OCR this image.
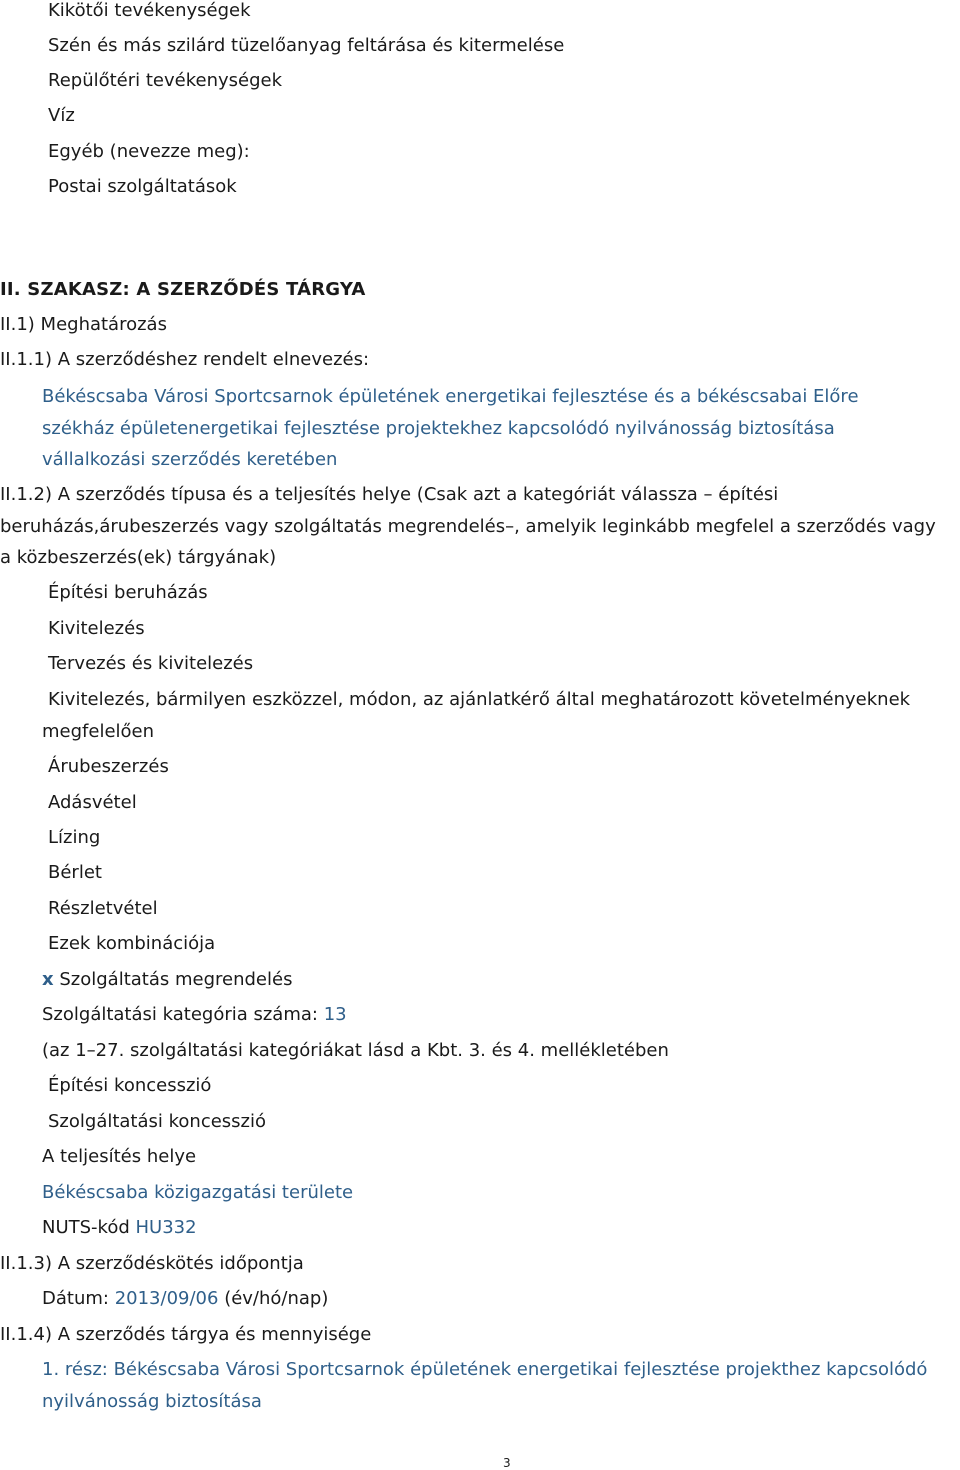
Kikötői tevékenységek
Szén és más szilárd tüzelőanyag feltárása és kitermelése
Repülőtéri tevékenységek
Víz
Egyéb (nevezze meg):
Postai szolgáltatások
II. SZAKASZ: A SZERZŐDÉS TÁRGYA
II.1) Meghatározás
II.1.1) A szerződéshez rendelt elnevezés:
Békéscsaba Városi Sportcsarnok épületének energetikai fejlesztése és a békéscsabai Előre
székház épületenergetikai fejlesztése projektekhez kapcsolódó nyilvánosság biztosítása
vállalkozási szerződés keretében
II.1.2) A szerződés típusa és a teljesítés helye (Csak azt a kategóriát válassza – építési
beruházás,árubeszerzés vagy szolgáltatás megrendelés–, amelyik leginkább megfelel a szerződés vagy
a közbeszerzés(ek) tárgyának)
Építési beruházás
Kivitelezés
Tervezés és kivitelezés
Kivitelezés, bármilyen eszközzel, módon, az ajánlatkérő által meghatározott követelményeknek
megfelelően
Árubeszerzés
Adásvétel
Lízing
Bérlet
Részletvétel
Ezek kombinációja
x Szolgáltatás megrendelés
Szolgáltatási kategória száma: 13
(az 1–27. szolgáltatási kategóriákat lásd a Kbt. 3. és 4. mellékletében
Építési koncesszió
Szolgáltatási koncesszió
A teljesítés helye
Békéscsaba közigazgatási területe
NUTS-kód HU332
II.1.3) A szerződéskötés időpontja
Dátum: 2013/09/06 (év/hó/nap)
II.1.4) A szerződés tárgya és mennyisége
1. rész: Békéscsaba Városi Sportcsarnok épületének energetikai fejlesztése projekthez kapcsolódó
nyilvánosság biztosítása
3
